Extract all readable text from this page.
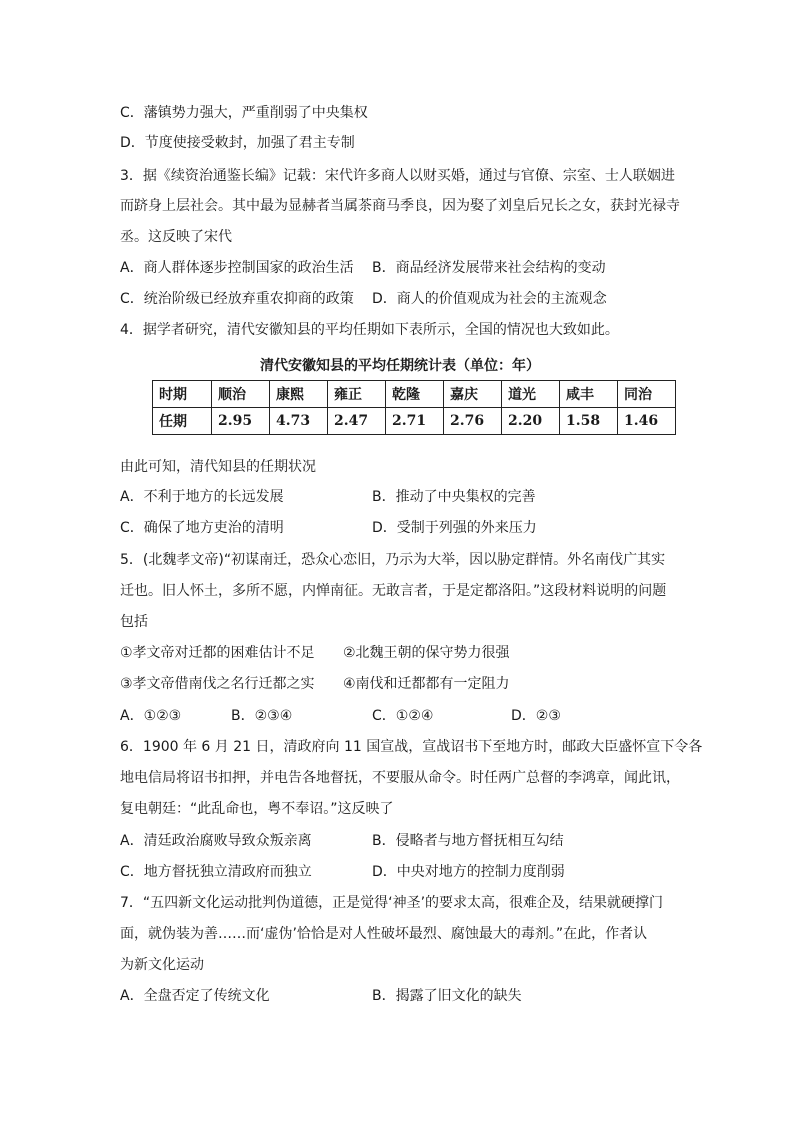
C．藩镇势力强大，严重削弱了中央集权
D．节度使接受敕封，加强了君主专制
3．据《续资治通鉴长编》记载：宋代许多商人以财买婚，通过与官僚、宗室、士人联姻进
而跻身上层社会。其中最为显赫者当属茶商马季良，因为娶了刘皇后兄长之女，获封光禄寺
丞。这反映了宋代
A．商人群体逐步控制国家的政治生活 B．商品经济发展带来社会结构的变动
C．统治阶级已经放弃重农抑商的政策 D．商人的价值观成为社会的主流观念
4．据学者研究，清代安徽知县的平均任期如下表所示，全国的情况也大致如此。
清代安徽知县的平均任期统计表（单位：年）
时期	顺治	康熙	雍正	乾隆	嘉庆	道光	咸丰	同治
任期	2.95	4.73	2.47	2.71	2.76	2.20	1.58	1.46
由此可知，清代知县的任期状况
A．不利于地方的长远发展	B．推动了中央集权的完善
C．确保了地方吏治的清明	D．受制于列强的外来压力
5．(北魏孝文帝)“初谋南迁，恐众心恋旧，乃示为大举，因以胁定群情。外名南伐广其实
迁也。旧人怀土，多所不愿，内惮南征。无敢言者，于是定都洛阳。”这段材料说明的问题
包括
①孝文帝对迁都的困难估计不足 ②北魏王朝的保守势力很强
③孝文帝借南伐之名行迁都之实 ④南伐和迁都都有一定阻力
A．①②③	B．②③④	C．①②④	D．②③
6．1900 年 6 月 21 日，清政府向 11 国宣战，宣战诏书下至地方时，邮政大臣盛怀宣下令各
地电信局将诏书扣押，并电告各地督抚，不要服从命令。时任两广总督的李鸿章，闻此讯，
复电朝廷：“此乱命也，粤不奉诏。”这反映了
A．清廷政治腐败导致众叛亲离	B．侵略者与地方督抚相互勾结
C．地方督抚独立清政府而独立	D．中央对地方的控制力度削弱
7．“五四新文化运动批判伪道德，正是觉得‘神圣’的要求太高，很难企及，结果就硬撑门
面，就伪装为善……而‘虚伪’恰恰是对人性破坏最烈、腐蚀最大的毒剂。”在此，作者认
为新文化运动
A．全盘否定了传统文化	B．揭露了旧文化的缺失
